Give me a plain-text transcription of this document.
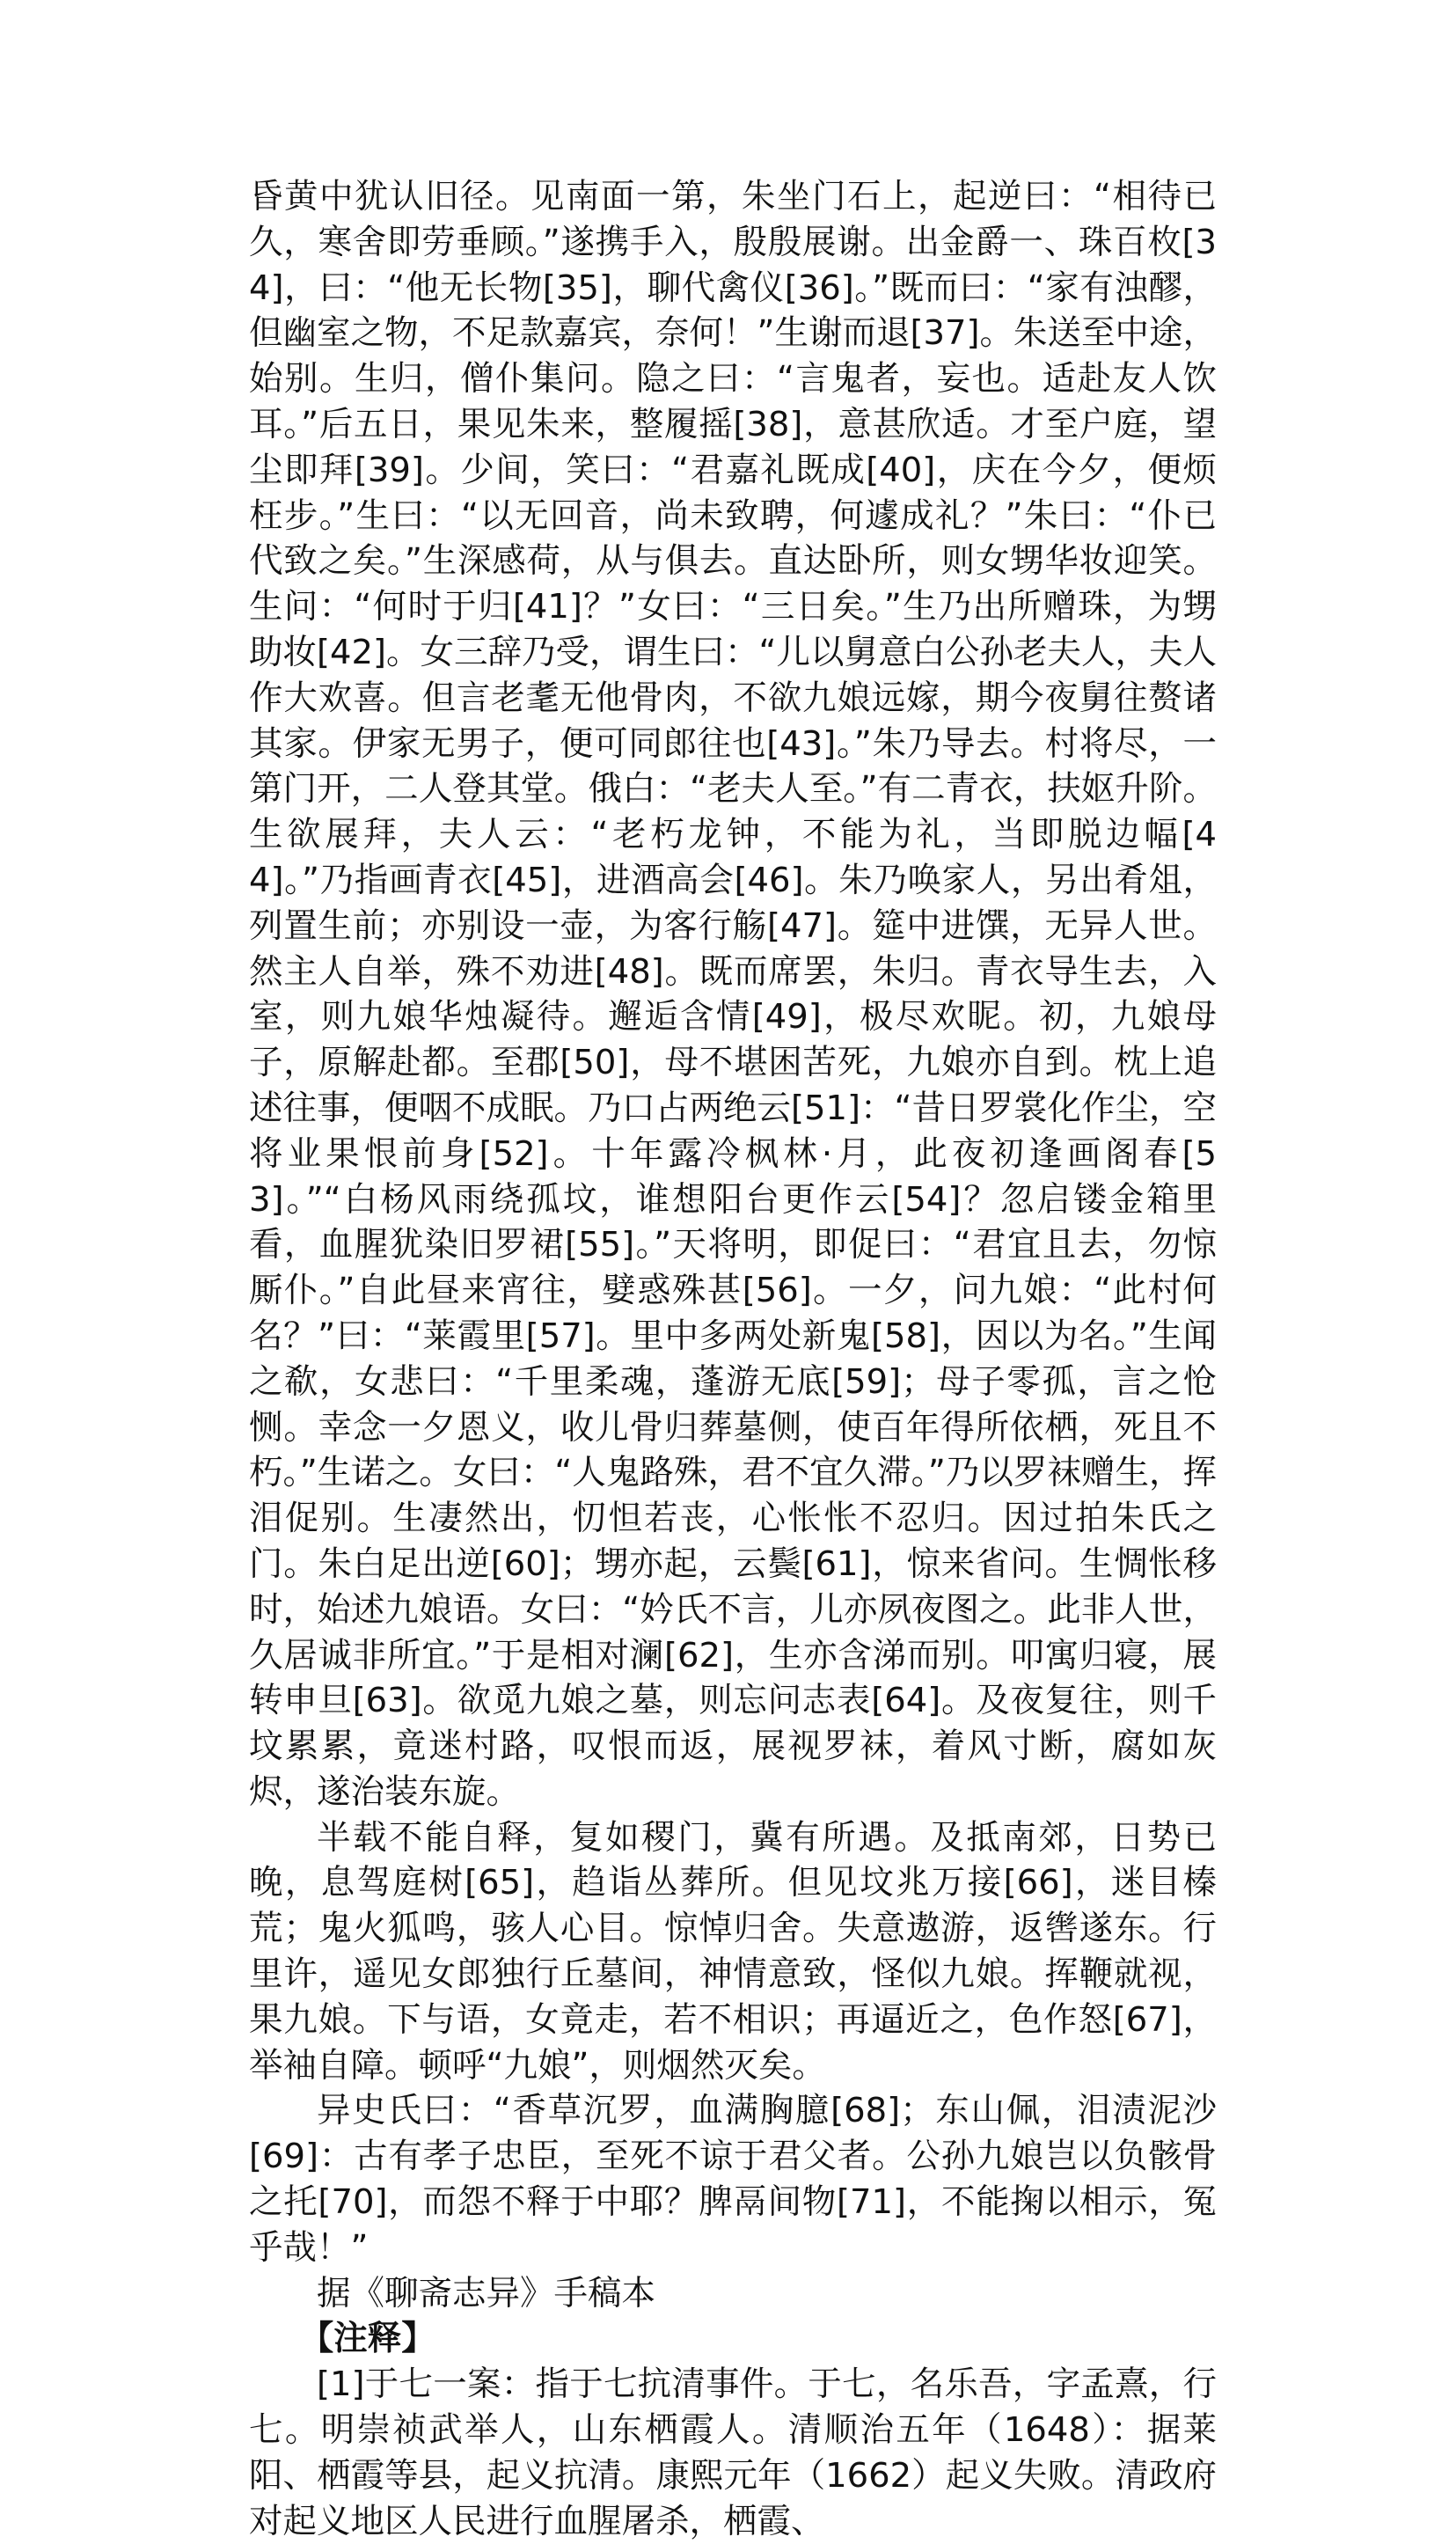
昏黄中犹认旧径。见南面一第，朱坐门石上，起逆曰：“相待已久，寒舍即劳垂顾。”遂携手入，殷殷展谢。出金爵一、珠百枚[34]，曰：“他无长物[35]，聊代禽仪[36]。”既而曰：“家有浊醪，但幽室之物，不足款嘉宾，奈何！”生谢而退[37]。朱送至中途，始别。生归，僧仆集问。隐之曰：“言鬼者，妄也。适赴友人饮耳。”后五日，果见朱来，整履摇[38]，意甚欣适。才至户庭，望尘即拜[39]。少间，笑曰：“君嘉礼既成[40]，庆在今夕，便烦枉步。”生曰：“以无回音，尚未致聘，何遽成礼？”朱曰：“仆已代致之矣。”生深感荷，从与俱去。直达卧所，则女甥华妆迎笑。生问：“何时于归[41]？”女曰：“三日矣。”生乃出所赠珠，为甥助妆[42]。女三辞乃受，谓生曰：“儿以舅意白公孙老夫人，夫人作大欢喜。但言老耄无他骨肉，不欲九娘远嫁，期今夜舅往赘诸其家。伊家无男子，便可同郎往也[43]。”朱乃导去。村将尽，一第门开，二人登其堂。俄白：“老夫人至。”有二青衣，扶妪升阶。生欲展拜，夫人云：“老朽龙钟，不能为礼，当即脱边幅[44]。”乃指画青衣[45]，进酒高会[46]。朱乃唤家人，另出肴俎，列置生前；亦别设一壶，为客行觞[47]。筵中进馔，无异人世。然主人自举，殊不劝进[48]。既而席罢，朱归。青衣导生去，入室，则九娘华烛凝待。邂逅含情[49]，极尽欢昵。初，九娘母子，原解赴都。至郡[50]，母不堪困苦死，九娘亦自到。枕上追述往事，便咽不成眠。乃口占两绝云[51]：“昔日罗裳化作尘，空将业果恨前身[52]。十年露冷枫林·月，此夜初逢画阁春[53]。”“白杨风雨绕孤坟，谁想阳台更作云[54]？忽启镂金箱里看，血腥犹染旧罗裙[55]。”天将明，即促曰：“君宜且去，勿惊厮仆。”自此昼来宵往，嬖惑殊甚[56]。一夕，问九娘：“此村何名？”曰：“莱霞里[57]。里中多两处新鬼[58]，因以为名。”生闻之欷，女悲曰：“千里柔魂，蓬游无底[59]；母子零孤，言之怆恻。幸念一夕恩义，收儿骨归葬墓侧，使百年得所依栖，死且不朽。”生诺之。女曰：“人鬼路殊，君不宜久滞。”乃以罗袜赠生，挥泪促别。生凄然出，忉怛若丧，心怅怅不忍归。因过拍朱氏之门。朱白足出逆[60]；甥亦起，云鬓[61]，惊来省问。生惆怅移时，始述九娘语。女曰：“妗氏不言，儿亦夙夜图之。此非人世，久居诚非所宜。”于是相对澜[62]，生亦含涕而别。叩寓归寝，展转申旦[63]。欲觅九娘之墓，则忘问志表[64]。及夜复往，则千坟累累，竟迷村路，叹恨而返，展视罗袜，着风寸断，腐如灰烬，遂治装东旋。

半载不能自释，复如稷门，冀有所遇。及抵南郊，日势已晚，息驾庭树[65]，趋诣丛葬所。但见坟兆万接[66]，迷目榛荒；鬼火狐鸣，骇人心目。惊悼归舍。失意遨游，返辔遂东。行里许，遥见女郎独行丘墓间，神情意致，怪似九娘。挥鞭就视，果九娘。下与语，女竟走，若不相识；再逼近之，色作怒[67]，举袖自障。顿呼“九娘”，则烟然灭矣。

异史氏曰：“香草沉罗，血满胸臆[68]；东山佩，泪渍泥沙[69]：古有孝子忠臣，至死不谅于君父者。公孙九娘岂以负骸骨之托[70]，而怨不释于中耶？脾鬲间物[71]，不能掬以相示，冤乎哉！”

据《聊斋志异》手稿本

【注释】

[1]于七一案：指于七抗清事件。于七，名乐吾，字孟熹，行七。明崇祯武举人，山东栖霞人。清顺治五年（1648）：据莱阳、栖霞等县，起义抗清。康熙元年（1662）起义失败。清政府对起义地区人民进行血腥屠杀，栖霞、
